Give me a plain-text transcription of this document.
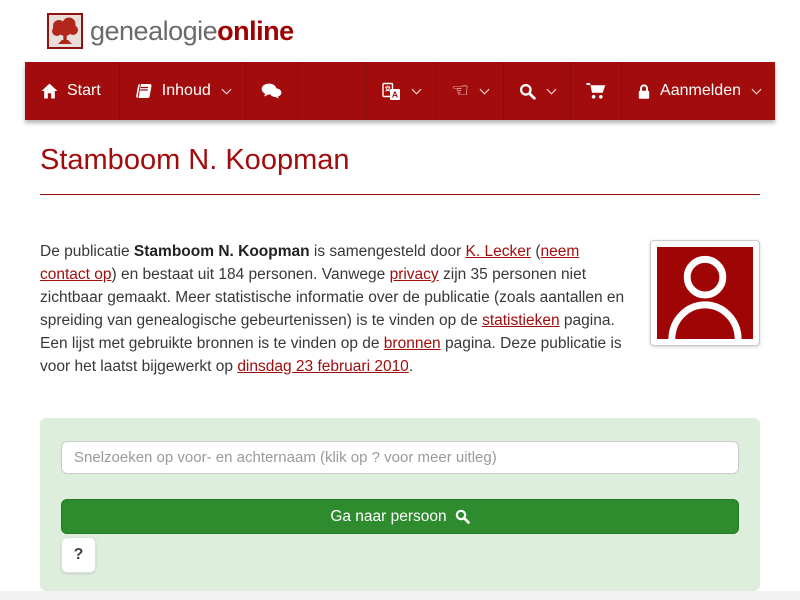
genealogieonline
Start	Inhoud	A	☜	Aanmelden
Stamboom N. Koopman

De publicatie Stamboom N. Koopman is samengesteld door K. Lecker (neem contact op) en bestaat uit 184 personen. Vanwege privacy zijn 35 personen niet zichtbaar gemaakt. Meer statistische informatie over de publicatie (zoals aantallen en spreiding van genealogische gebeurtenissen) is te vinden op de statistieken pagina. Een lijst met gebruikte bronnen is te vinden op de bronnen pagina. Deze publicatie is voor het laatst bijgewerkt op dinsdag 23 februari 2010.

Snelzoeken op voor- en achternaam (klik op ? voor meer uitleg)
Ga naar persoon
?
